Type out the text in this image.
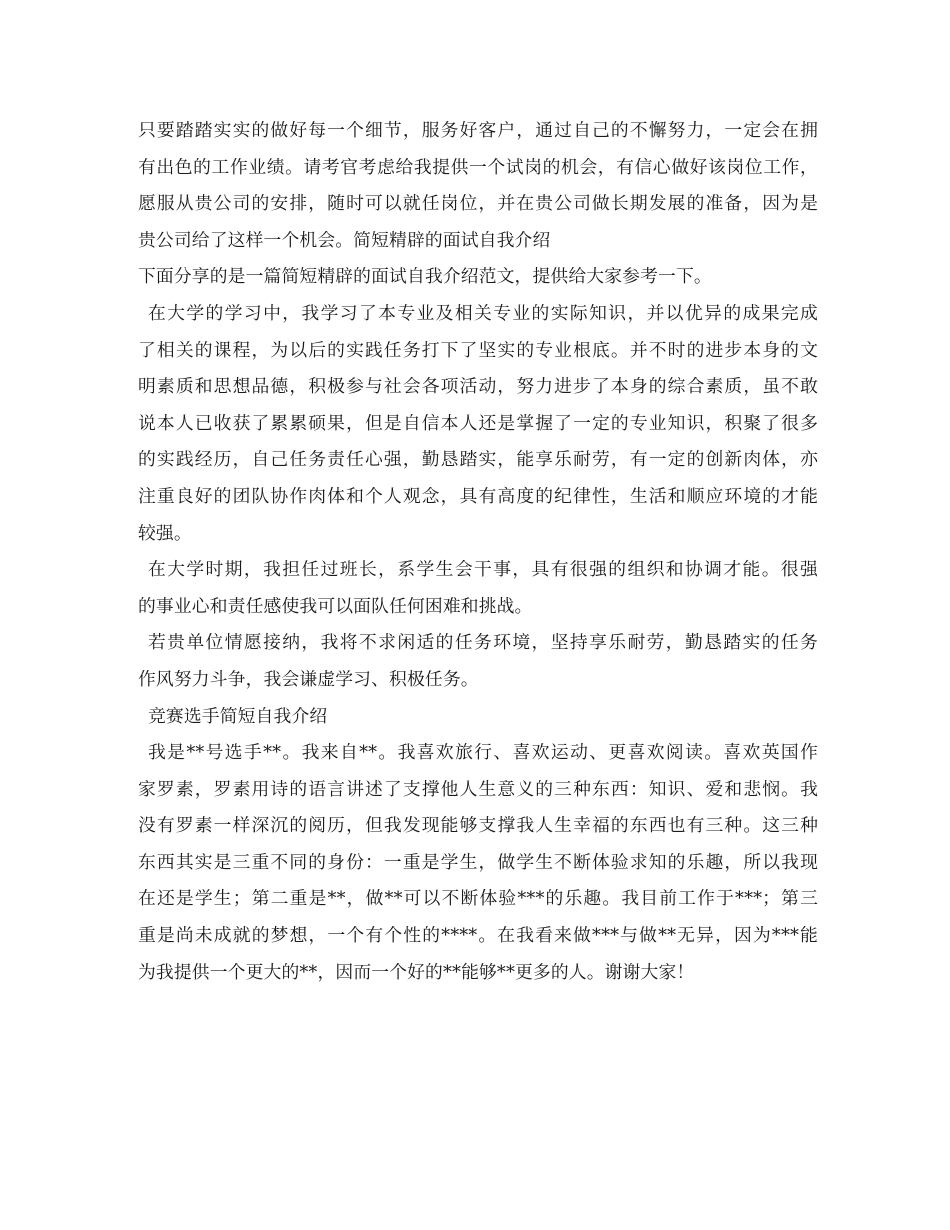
只要踏踏实实的做好每一个细节，服务好客户，通过自己的不懈努力，一定会在拥
有出色的工作业绩。请考官考虑给我提供一个试岗的机会，有信心做好该岗位工作，
愿服从贵公司的安排，随时可以就任岗位，并在贵公司做长期发展的准备，因为是
贵公司给了这样一个机会。简短精辟的面试自我介绍
下面分享的是一篇简短精辟的面试自我介绍范文，提供给大家参考一下。
在大学的学习中，我学习了本专业及相关专业的实际知识，并以优异的成果完成
了相关的课程，为以后的实践任务打下了坚实的专业根底。并不时的进步本身的文
明素质和思想品德，积极参与社会各项活动，努力进步了本身的综合素质，虽不敢
说本人已收获了累累硕果，但是自信本人还是掌握了一定的专业知识，积聚了很多
的实践经历，自己任务责任心强，勤恳踏实，能享乐耐劳，有一定的创新肉体，亦
注重良好的团队协作肉体和个人观念，具有高度的纪律性，生活和顺应环境的才能
较强。
在大学时期，我担任过班长，系学生会干事，具有很强的组织和协调才能。很强
的事业心和责任感使我可以面队任何困难和挑战。
若贵单位情愿接纳，我将不求闲适的任务环境，坚持享乐耐劳，勤恳踏实的任务
作风努力斗争，我会谦虚学习、积极任务。
竞赛选手简短自我介绍
我是**号选手**。我来自**。我喜欢旅行、喜欢运动、更喜欢阅读。喜欢英国作
家罗素，罗素用诗的语言讲述了支撑他人生意义的三种东西：知识、爱和悲悯。我
没有罗素一样深沉的阅历，但我发现能够支撑我人生幸福的东西也有三种。这三种
东西其实是三重不同的身份：一重是学生，做学生不断体验求知的乐趣，所以我现
在还是学生；第二重是**，做**可以不断体验***的乐趣。我目前工作于***；第三
重是尚未成就的梦想，一个有个性的****。在我看来做***与做**无异，因为***能
为我提供一个更大的**，因而一个好的**能够**更多的人。谢谢大家！
